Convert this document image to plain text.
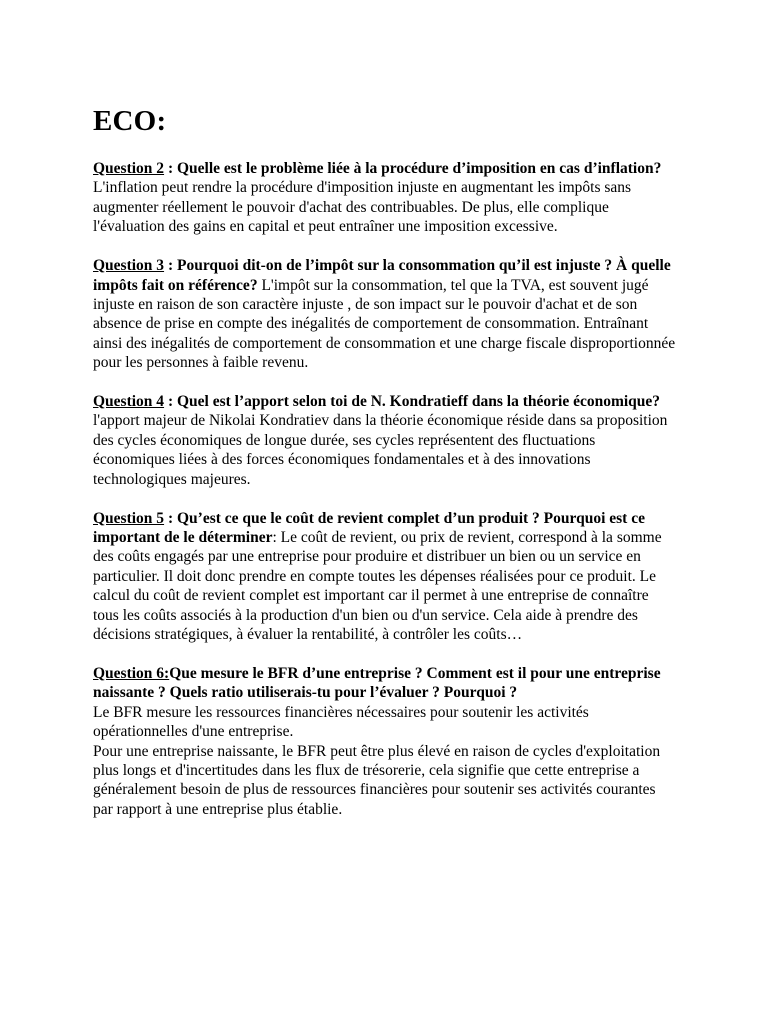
ECO:

Question 2 : Quelle est le problème liée à la procédure d’imposition en cas d’inflation? L'inflation peut rendre la procédure d'imposition injuste en augmentant les impôts sans augmenter réellement le pouvoir d'achat des contribuables. De plus, elle complique l'évaluation des gains en capital et peut entraîner une imposition excessive.

Question 3 : Pourquoi dit-on de l’impôt sur la consommation qu’il est injuste ? À quelle impôts fait on référence? L'impôt sur la consommation, tel que la TVA, est souvent jugé injuste en raison de son caractère injuste , de son impact sur le pouvoir d'achat et de son absence de prise en compte des inégalités de comportement de consommation. Entraînant ainsi des inégalités de comportement de consommation et une charge fiscale disproportionnée pour les personnes à faible revenu.

Question 4 : Quel est l’apport selon toi de N. Kondratieff dans la théorie économique? l'apport majeur de Nikolai Kondratiev dans la théorie économique réside dans sa proposition des cycles économiques de longue durée, ses cycles représentent des fluctuations économiques liées à des forces économiques fondamentales et à des innovations technologiques majeures.

Question 5 : Qu’est ce que le coût de revient complet d’un produit ? Pourquoi est ce important de le déterminer: Le coût de revient, ou prix de revient, correspond à la somme des coûts engagés par une entreprise pour produire et distribuer un bien ou un service en particulier. Il doit donc prendre en compte toutes les dépenses réalisées pour ce produit. Le calcul du coût de revient complet est important car il permet à une entreprise de connaître tous les coûts associés à la production d'un bien ou d'un service. Cela aide à prendre des décisions stratégiques, à évaluer la rentabilité, à contrôler les coûts…

Question 6:Que mesure le BFR d’une entreprise ? Comment est il pour une entreprise naissante ? Quels ratio utiliserais-tu pour l’évaluer ? Pourquoi ?
Le BFR mesure les ressources financières nécessaires pour soutenir les activités opérationnelles d'une entreprise.
Pour une entreprise naissante, le BFR peut être plus élevé en raison de cycles d'exploitation plus longs et d'incertitudes dans les flux de trésorerie, cela signifie que cette entreprise a généralement besoin de plus de ressources financières pour soutenir ses activités courantes par rapport à une entreprise plus établie.
